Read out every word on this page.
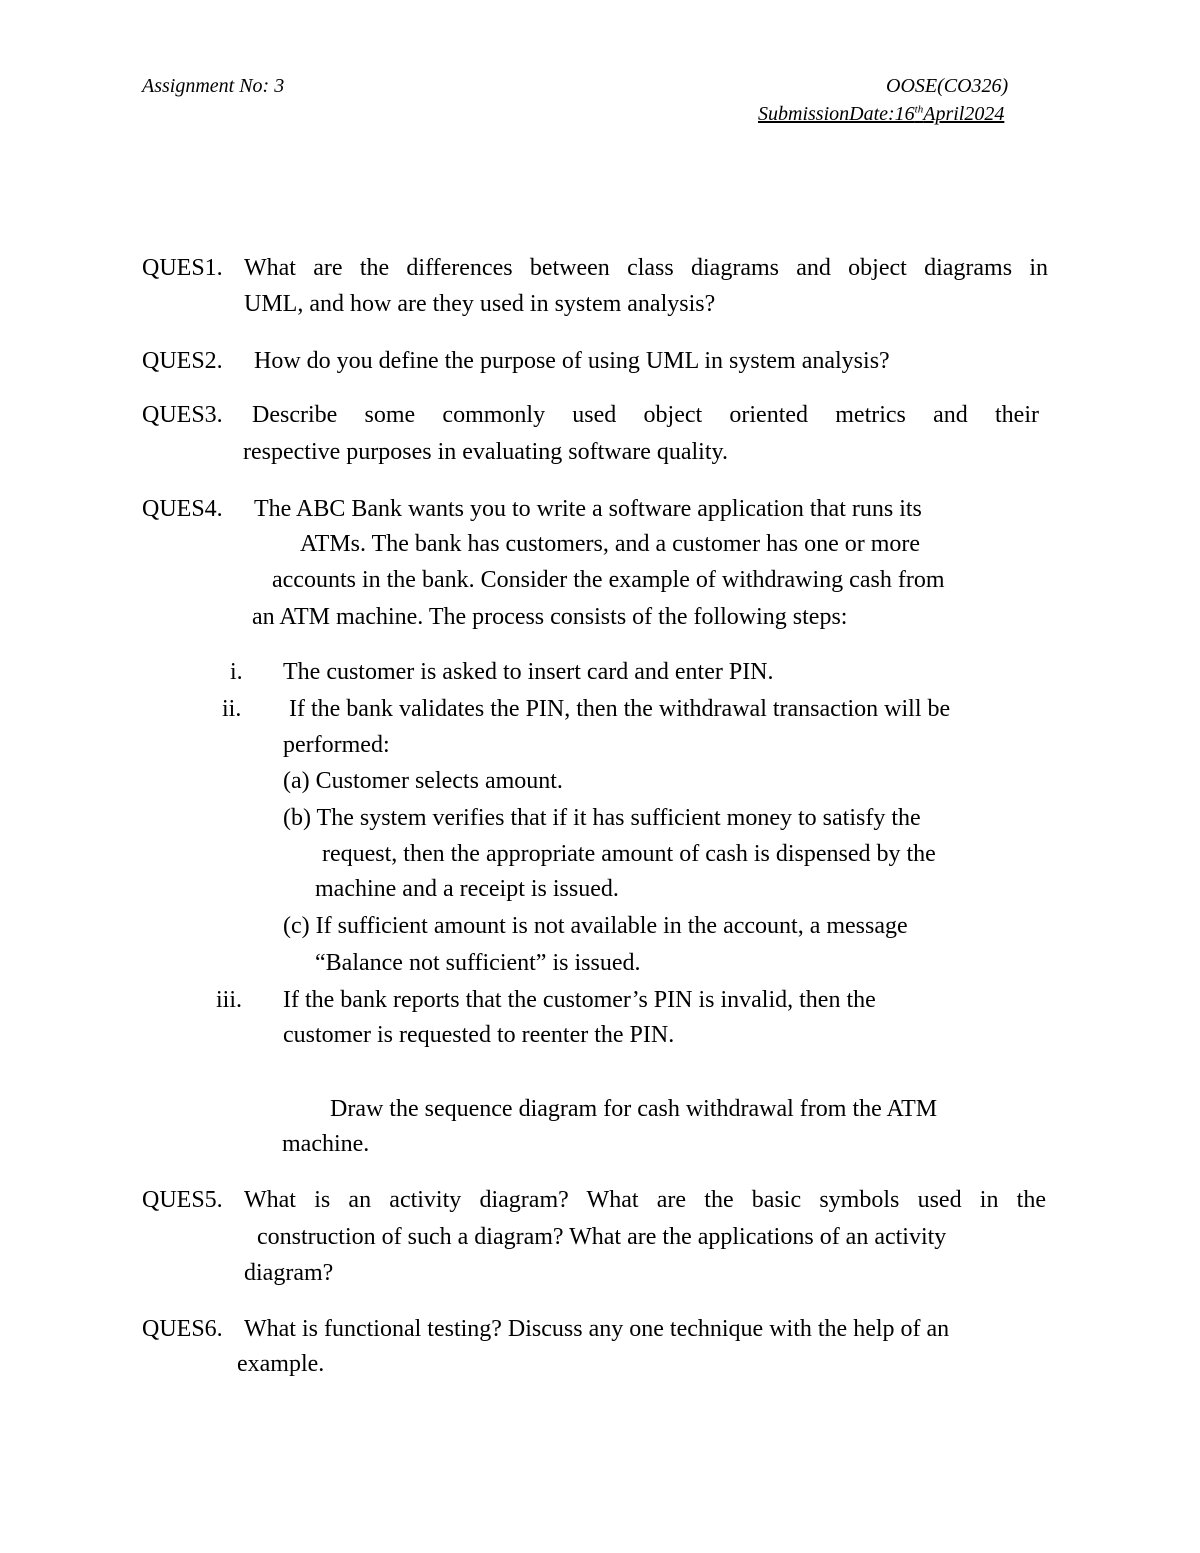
Assignment No: 3	OOSE(CO326)
SubmissionDate:16thApril2024
QUES1. What are the differences between class diagrams and object diagrams in
UML, and how are they used in system analysis?
QUES2. How do you define the purpose of using UML in system analysis?
QUES3. Describe some commonly used object oriented metrics and their
respective purposes in evaluating software quality.
QUES4. The ABC Bank wants you to write a software application that runs its
ATMs. The bank has customers, and a customer has one or more
accounts in the bank. Consider the example of withdrawing cash from
an ATM machine. The process consists of the following steps:
i. The customer is asked to insert card and enter PIN.
ii. If the bank validates the PIN, then the withdrawal transaction will be
performed:
(a) Customer selects amount.
(b) The system verifies that if it has sufficient money to satisfy the
request, then the appropriate amount of cash is dispensed by the
machine and a receipt is issued.
(c) If sufficient amount is not available in the account, a message
“Balance not sufficient” is issued.
iii. If the bank reports that the customer’s PIN is invalid, then the
customer is requested to reenter the PIN.
Draw the sequence diagram for cash withdrawal from the ATM
machine.
QUES5. What is an activity diagram? What are the basic symbols used in the
construction of such a diagram? What are the applications of an activity
diagram?
QUES6. What is functional testing? Discuss any one technique with the help of an
example.
